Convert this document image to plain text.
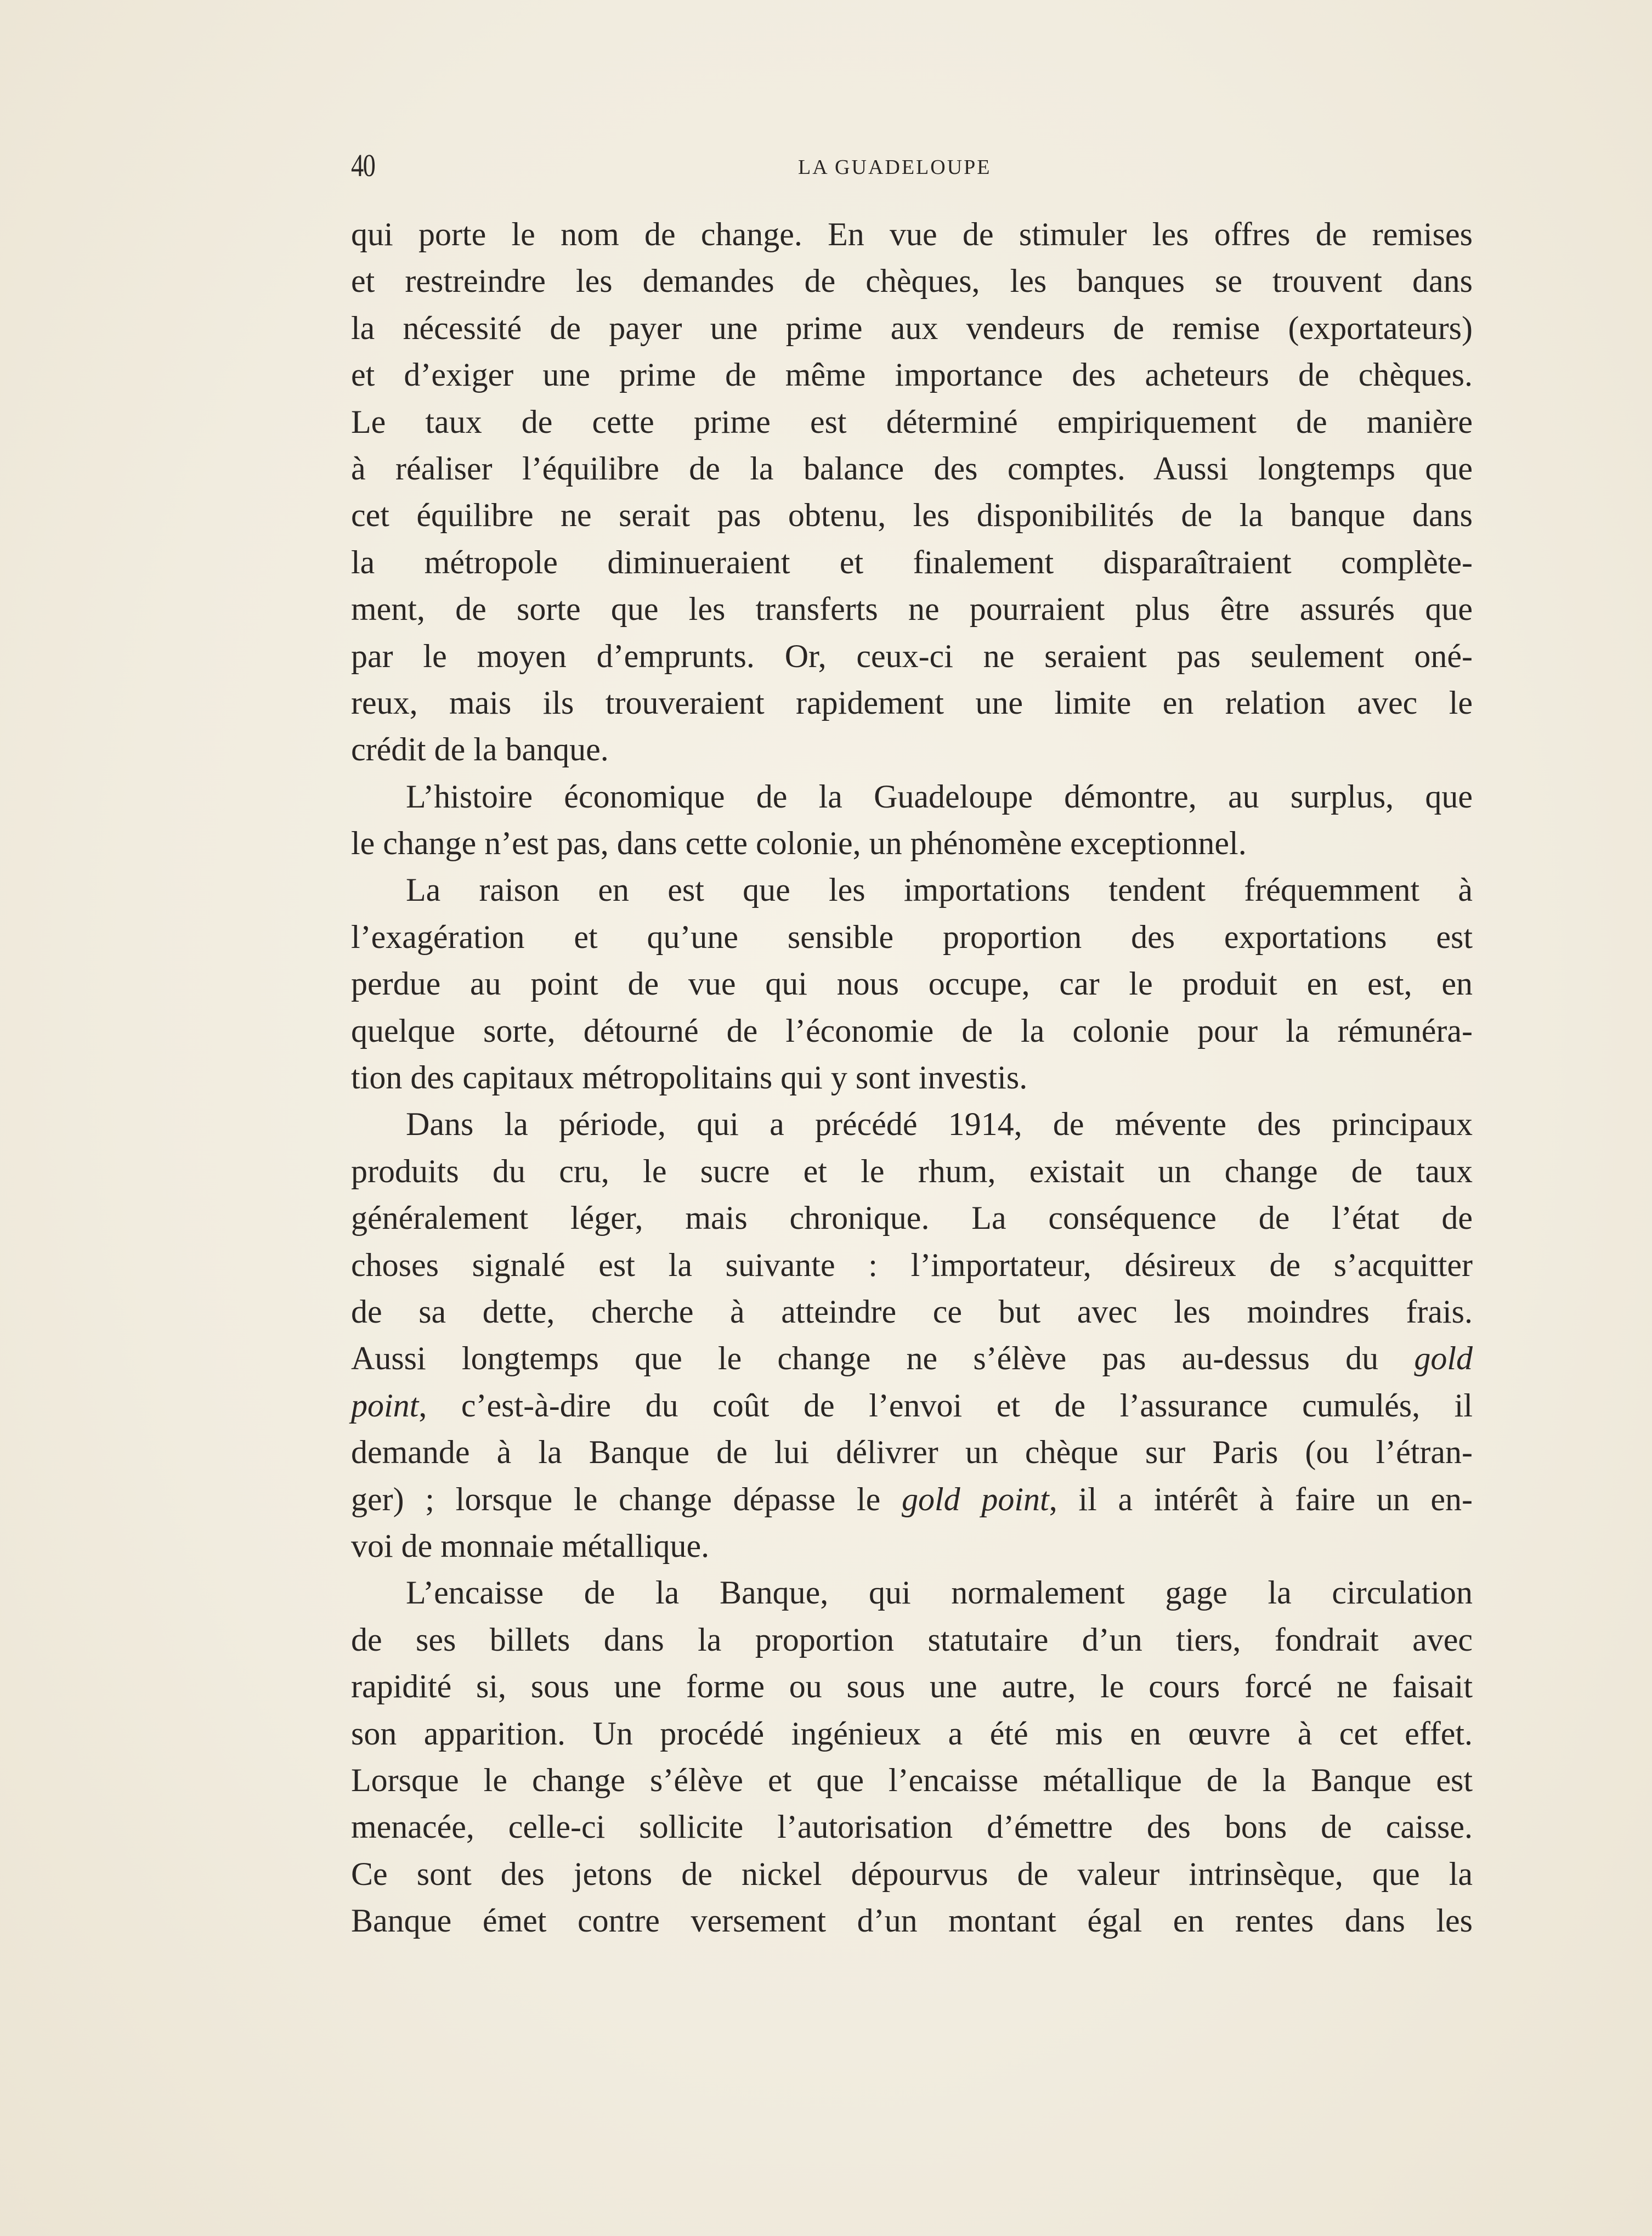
40	LA GUADELOUPE
qui porte le nom de change. En vue de stimuler les offres de remises
et restreindre les demandes de chèques, les banques se trouvent dans
la nécessité de payer une prime aux vendeurs de remise (exportateurs)
et d’exiger une prime de même importance des acheteurs de chèques.
Le taux de cette prime est déterminé empiriquement de manière
à réaliser l’équilibre de la balance des comptes. Aussi longtemps que
cet équilibre ne serait pas obtenu, les disponibilités de la banque dans
la métropole diminueraient et finalement disparaîtraient complète-
ment, de sorte que les transferts ne pourraient plus être assurés que
par le moyen d’emprunts. Or, ceux-ci ne seraient pas seulement oné-
reux, mais ils trouveraient rapidement une limite en relation avec le
crédit de la banque.
L’histoire économique de la Guadeloupe démontre, au surplus, que
le change n’est pas, dans cette colonie, un phénomène exceptionnel.
La raison en est que les importations tendent fréquemment à
l’exagération et qu’une sensible proportion des exportations est
perdue au point de vue qui nous occupe, car le produit en est, en
quelque sorte, détourné de l’économie de la colonie pour la rémunéra-
tion des capitaux métropolitains qui y sont investis.
Dans la période, qui a précédé 1914, de mévente des principaux
produits du cru, le sucre et le rhum, existait un change de taux
généralement léger, mais chronique. La conséquence de l’état de
choses signalé est la suivante : l’importateur, désireux de s’acquitter
de sa dette, cherche à atteindre ce but avec les moindres frais.
Aussi longtemps que le change ne s’élève pas au-dessus du gold
point, c’est-à-dire du coût de l’envoi et de l’assurance cumulés, il
demande à la Banque de lui délivrer un chèque sur Paris (ou l’étran-
ger) ; lorsque le change dépasse le gold point, il a intérêt à faire un en-
voi de monnaie métallique.
L’encaisse de la Banque, qui normalement gage la circulation
de ses billets dans la proportion statutaire d’un tiers, fondrait avec
rapidité si, sous une forme ou sous une autre, le cours forcé ne faisait
son apparition. Un procédé ingénieux a été mis en œuvre à cet effet.
Lorsque le change s’élève et que l’encaisse métallique de la Banque est
menacée, celle-ci sollicite l’autorisation d’émettre des bons de caisse.
Ce sont des jetons de nickel dépourvus de valeur intrinsèque, que la
Banque émet contre versement d’un montant égal en rentes dans les
